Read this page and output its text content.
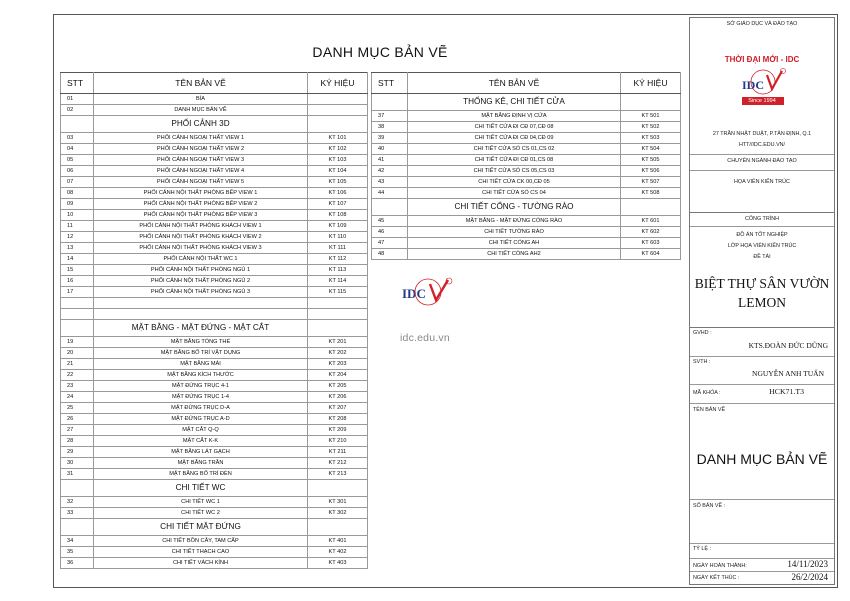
DANH MỤC BẢN VẼ
STT	TÊN BẢN VẼ	KÝ HIỆU
01	BÌA	
02	DANH MỤC BẢN VẼ	
	PHỐI CẢNH 3D	
03	PHỐI CẢNH NGOẠI THẤT VIEW 1	KT 101
04	PHỐI CẢNH NGOẠI THẤT VIEW 2	KT 102
05	PHỐI CẢNH NGOẠI THẤT VIEW 3	KT 103
06	PHỐI CẢNH NGOẠI THẤT VIEW 4	KT 104
07	PHỐI CẢNH NGOẠI THẤT VIEW 5	KT 105
08	PHỐI CẢNH NỘI THẤT PHÒNG BẾP VIEW 1	KT 106
09	PHỐI CẢNH NỘI THẤT PHÒNG BẾP VIEW 2	KT 107
10	PHỐI CẢNH NỘI THẤT PHÒNG BẾP VIEW 3	KT 108
11	PHỐI CẢNH NỘI THẤT PHÒNG KHÁCH VIEW 1	KT 109
12	PHỐI CẢNH NỘI THẤT PHÒNG KHÁCH VIEW 2	KT 110
13	PHỐI CẢNH NỘI THẤT PHÒNG KHÁCH VIEW 3	KT 111
14	PHỐI CẢNH NỘI THẤT WC 1	KT 112
15	PHỐI CẢNH NỘI THẤT PHÒNG NGỦ 1	KT 113
16	PHỐI CẢNH NỘI THẤT PHÒNG NGỦ 2	KT 114
17	PHỐI CẢNH NỘI THẤT PHÒNG NGỦ 3	KT 115

	MẶT BẰNG - MẶT ĐỨNG - MẶT CẮT	
19	MẶT BẰNG TỔNG THỂ	KT 201
20	MẶT BẰNG BỐ TRÍ VẬT DỤNG	KT 202
21	MẶT BẰNG MÁI	KT 203
22	MẶT BẰNG KÍCH THƯỚC	KT 204
23	MẶT ĐỨNG TRỤC 4-1	KT 205
24	MẶT ĐỨNG TRỤC 1-4	KT 206
25	MẶT ĐỨNG TRỤC D-A	KT 207
26	MẶT ĐỨNG TRỤC A-D	KT 208
27	MẶT CẮT Q-Q	KT 209
28	MẶT CẮT K-K	KT 210
29	MẶT BẰNG LÁT GẠCH	KT 211
30	MẶT BẰNG TRẦN	KT 212
31	MẶT BẰNG BỐ TRÍ ĐÈN	KT 213
	CHI TIẾT WC	
32	CHI TIẾT WC 1	KT 301
33	CHI TIẾT WC 2	KT 302
	CHI TIẾT MẶT ĐỨNG	
34	CHI TIẾT BỒN CÂY, TAM CẤP	KT 401
35	CHI TIẾT THẠCH CAO	KT 402
36	CHI TIẾT VÁCH KÍNH	KT 403
STT	TÊN BẢN VẼ	KÝ HIỆU
	THỐNG KÊ, CHI TIẾT CỬA	
37	MẶT BẰNG ĐỊNH VỊ CỬA	KT 501
38	CHI TIẾT CỬA ĐI CĐ 07,CĐ 08	KT 502
39	CHI TIẾT CỬA ĐI CĐ 04,CĐ 09	KT 503
40	CHI TIẾT CỬA SỔ CS 01,CS 02	KT 504
41	CHI TIẾT CỬA ĐI CĐ 01,CS 08	KT 505
42	CHI TIẾT CỬA SỔ CS 05,CS 03	KT 506
43	CHI TIẾT CỬA CK 00,CĐ 05	KT 507
44	CHI TIẾT CỬA SỔ CS 04	KT 508
	CHI TIẾT CỔNG - TƯỜNG RÀO	
45	MẶT BẰNG - MẶT ĐỨNG CỔNG RÀO	KT 601
46	CHI TIẾT TƯỜNG RÀO	KT 602
47	CHI TIẾT CỔNG AH	KT 603
48	CHI TIẾT CỔNG AH2	KT 604
IDC
idc.edu.vn
SỞ GIÁO DỤC VÀ ĐÀO TẠO
THỜI ĐẠI MỚI - IDC
IDC
Since 1994
27 TRẦN NHẬT DUẬT, P.TÂN ĐỊNH, Q.1
HTT//IDC.EDU.VN/
CHUYÊN NGÀNH ĐÀO TẠO
HỌA VIÊN KIẾN TRÚC
CÔNG TRÌNH
ĐỒ ÁN TỐT NGHIỆP
LỚP HỌA VIÊN KIẾN TRÚC
ĐỀ TÀI
BIỆT THỰ SÂN VƯỜN
LEMON
GVHD :
KTS.ĐOÀN ĐỨC DŨNG
SVTH :
NGUYỄN ANH TUẤN
MÃ KHÓA :	HCK71.T3
TÊN BẢN VẼ
DANH MỤC BẢN VẼ
SỐ BẢN VẼ :
TỶ LỆ :
NGÀY HOÀN THÀNH:	14/11/2023
NGÀY KẾT THÚC :	26/2/2024
